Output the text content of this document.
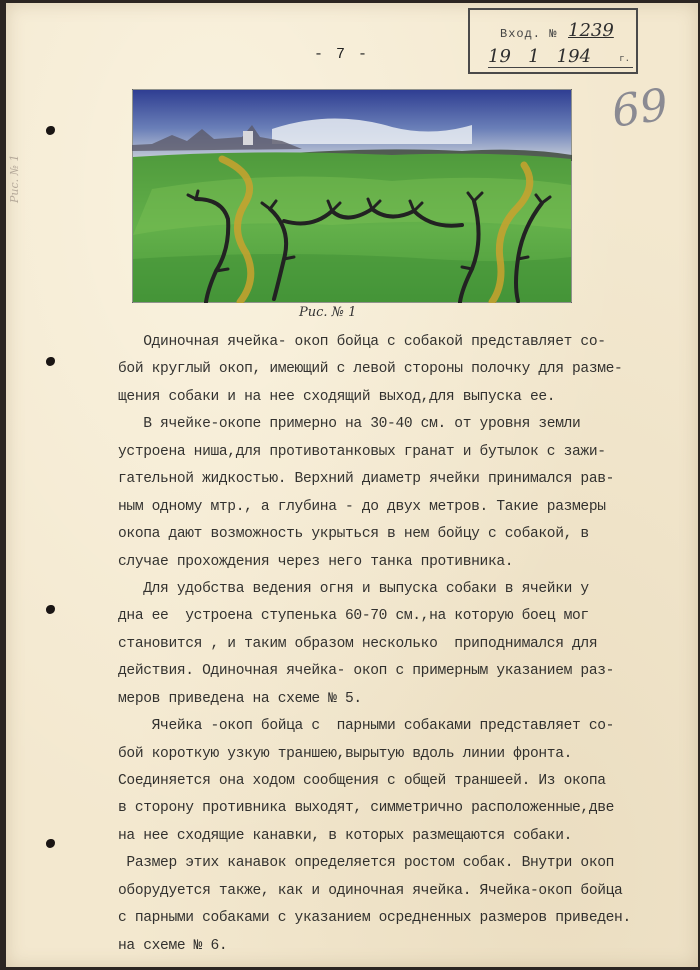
Вход. № 1239
19   1   194	г.
- 7 -
69
Рис. № 1
Рис. № 1
Одиночная ячейка- окоп бойца с собакой представляет со-
бой круглый окоп, имеющий с левой стороны полочку для разме-
щения собаки и на нее сходящий выход,для выпуска ее.
В ячейке-окопе примерно на 30-40 см. от уровня земли
устроена ниша,для противотанковых гранат и бутылок с зажи-
гательной жидкостью. Верхний диаметр ячейки принимался рав-
ным одному мтр., а глубина - до двух метров. Такие размеры
окопа дают возможность укрыться в нем бойцу с собакой, в
случае прохождения через него танка противника.
Для удобства ведения огня и выпуска собаки в ячейки у
дна ее  устроена ступенька 60-70 см.,на которую боец мог
становится , и таким образом несколько  приподнимался для
действия. Одиночная ячейка- окоп с примерным указанием раз-
меров приведена на схеме № 5.
Ячейка -окоп бойца с  парными собаками представляет со-
бой короткую узкую траншею,вырытую вдоль линии фронта.
Соединяется она ходом сообщения с общей траншеей. Из окопа
в сторону противника выходят, симметрично расположенные,две
на нее сходящие канавки, в которых размещаются собаки.
Размер этих канавок определяется ростом собак. Внутри окоп
оборудуется также, как и одиночная ячейка. Ячейка-окоп бойца
с парными собаками с указанием осредненных размеров приведен.
на схеме № 6.
